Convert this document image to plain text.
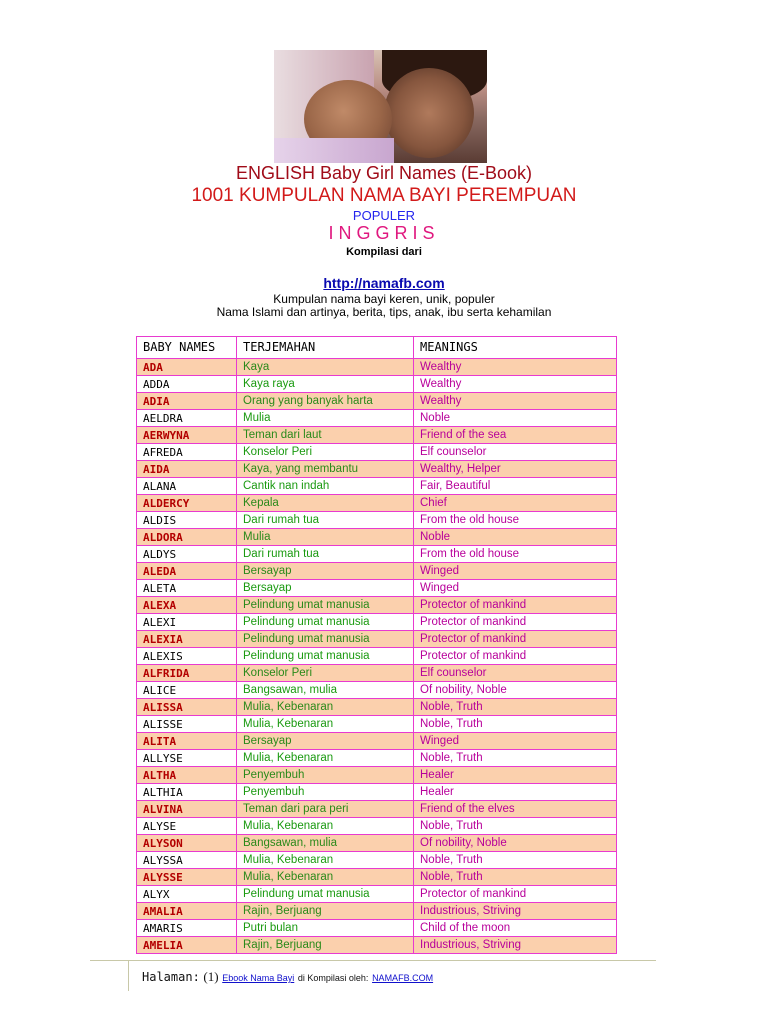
ENGLISH Baby Girl Names (E-Book)
1001 KUMPULAN NAMA BAYI PEREMPUAN
POPULER
INGGRIS
Kompilasi dari
http://namafb.com
Kumpulan nama bayi keren, unik, populer
Nama Islami dan artinya, berita, tips, anak, ibu serta kehamilan
BABY NAMES	TERJEMAHAN	MEANINGS
ADA	Kaya	Wealthy
ADDA	Kaya raya	Wealthy
ADIA	Orang yang banyak harta	Wealthy
AELDRA	Mulia	Noble
AERWYNA	Teman dari laut	Friend of the sea
AFREDA	Konselor Peri	Elf counselor
AIDA	Kaya, yang membantu	Wealthy, Helper
ALANA	Cantik nan indah	Fair, Beautiful
ALDERCY	Kepala	Chief
ALDIS	Dari rumah tua	From the old house
ALDORA	Mulia	Noble
ALDYS	Dari rumah tua	From the old house
ALEDA	Bersayap	Winged
ALETA	Bersayap	Winged
ALEXA	Pelindung umat manusia	Protector of mankind
ALEXI	Pelindung umat manusia	Protector of mankind
ALEXIA	Pelindung umat manusia	Protector of mankind
ALEXIS	Pelindung umat manusia	Protector of mankind
ALFRIDA	Konselor Peri	Elf counselor
ALICE	Bangsawan, mulia	Of nobility, Noble
ALISSA	Mulia, Kebenaran	Noble, Truth
ALISSE	Mulia, Kebenaran	Noble, Truth
ALITA	Bersayap	Winged
ALLYSE	Mulia, Kebenaran	Noble, Truth
ALTHA	Penyembuh	Healer
ALTHIA	Penyembuh	Healer
ALVINA	Teman dari para peri	Friend of the elves
ALYSE	Mulia, Kebenaran	Noble, Truth
ALYSON	Bangsawan, mulia	Of nobility, Noble
ALYSSA	Mulia, Kebenaran	Noble, Truth
ALYSSE	Mulia, Kebenaran	Noble, Truth
ALYX	Pelindung umat manusia	Protector of mankind
AMALIA	Rajin, Berjuang	Industrious, Striving
AMARIS	Putri bulan	Child of the moon
AMELIA	Rajin, Berjuang	Industrious, Striving
Halaman: (1) Ebook Nama Bayi di Kompilasi oleh: NAMAFB.COM
